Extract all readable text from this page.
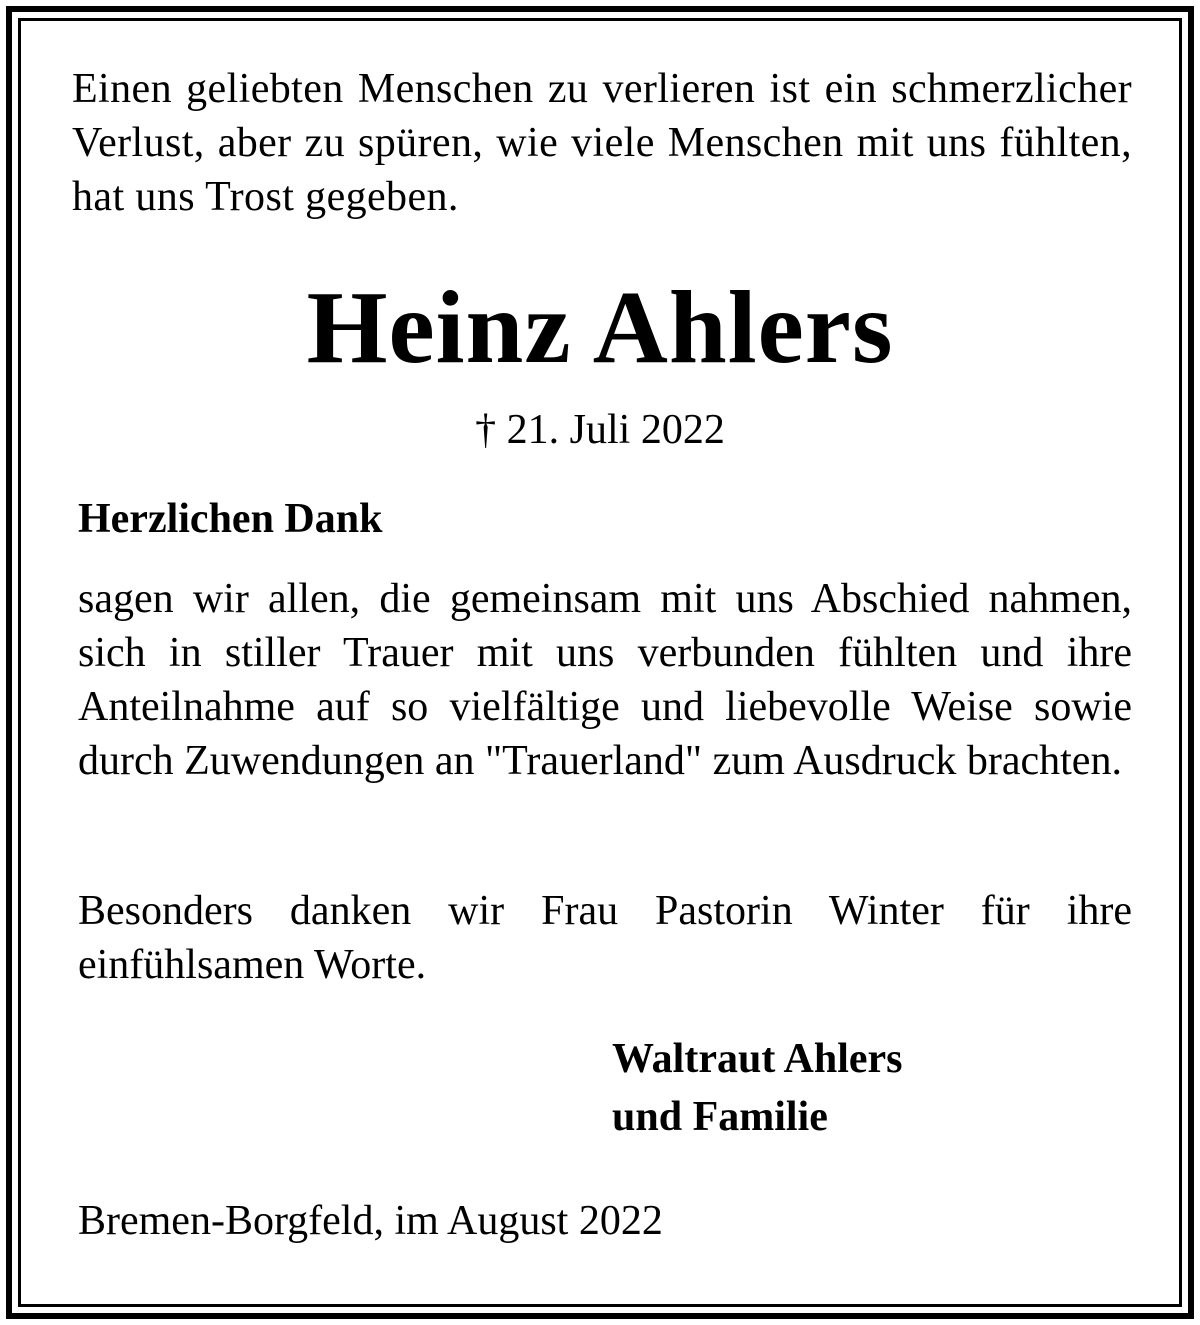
Einen geliebten Menschen zu verlieren ist ein schmerzlicher Verlust, aber zu spüren, wie viele Menschen mit uns fühlten, hat uns Trost gegeben.

Heinz Ahlers
† 21. Juli 2022
Herzlichen Dank

sagen wir allen, die gemeinsam mit uns Abschied nahmen, sich in stiller Trauer mit uns verbunden fühlten und ihre Anteilnahme auf so vielfältige und liebevolle Weise sowie durch Zuwendungen an "Trauerland" zum Ausdruck brachten.

Besonders danken wir Frau Pastorin Winter für ihre einfühlsamen Worte.

Waltraut Ahlers
und Familie
Bremen-Borgfeld, im August 2022
